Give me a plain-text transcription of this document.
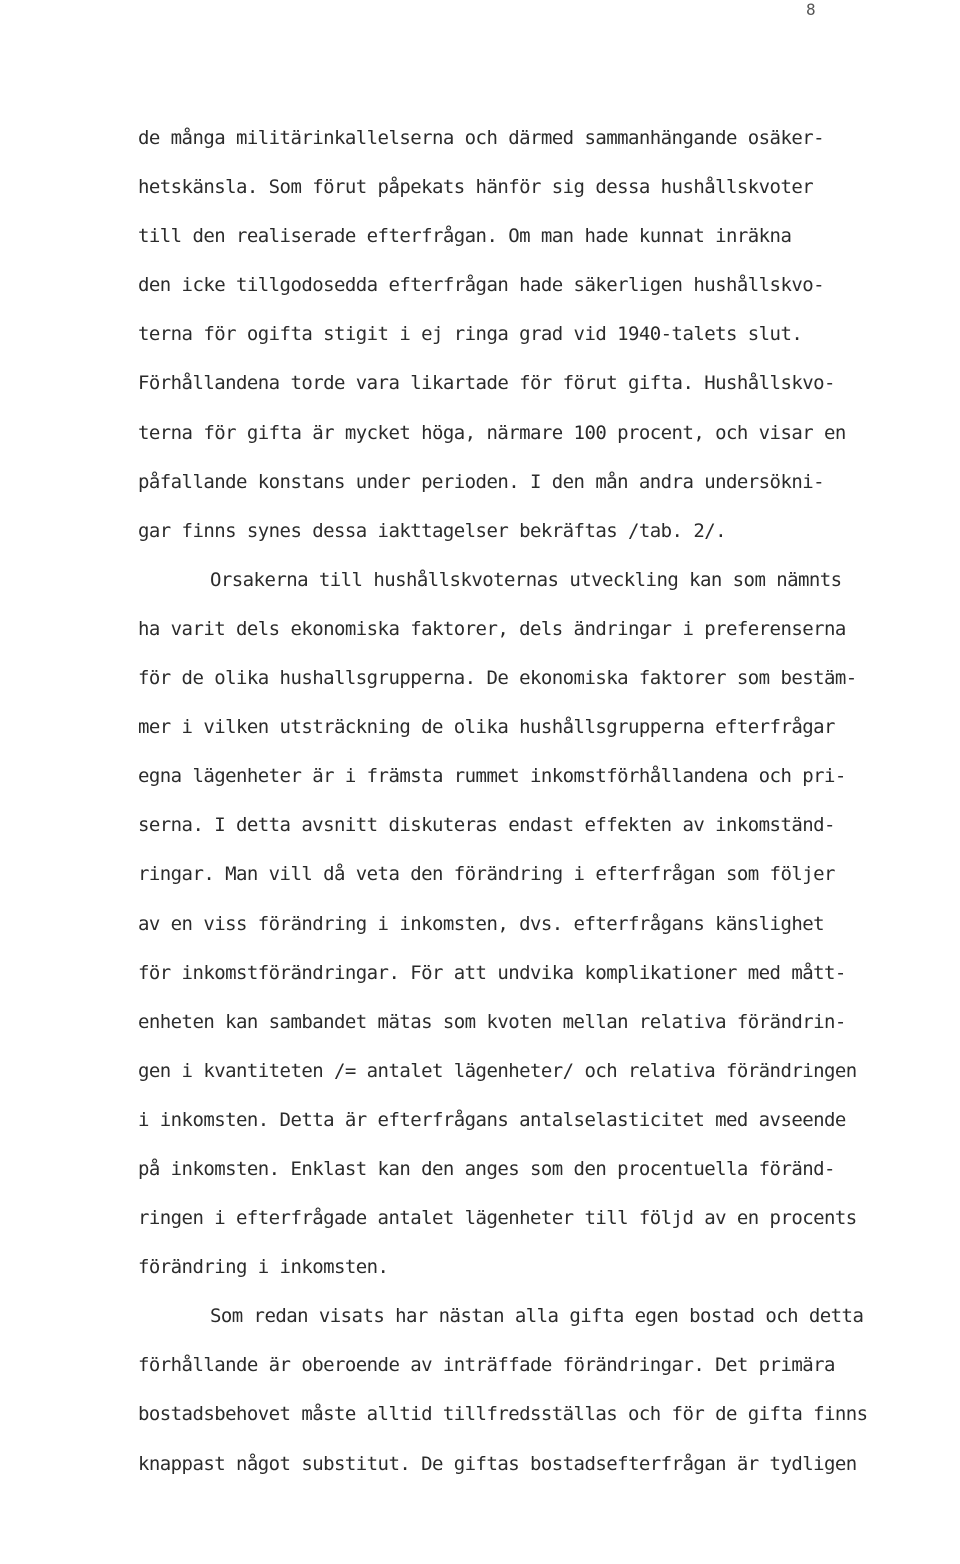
8
de många militärinkallelserna och därmed sammanhängande osäker-
hetskänsla. Som förut påpekats hänför sig dessa hushållskvoter
till den realiserade efterfrågan. Om man hade kunnat inräkna
den icke tillgodosedda efterfrågan hade säkerligen hushållskvo-
terna för ogifta stigit i ej ringa grad vid 1940-talets slut.
Förhållandena torde vara likartade för förut gifta. Hushållskvo-
terna för gifta är mycket höga, närmare 100 procent, och visar en
påfallande konstans under perioden. I den mån andra undersökni-
gar finns synes dessa iakttagelser bekräftas /tab. 2/.
Orsakerna till hushållskvoternas utveckling kan som nämnts
ha varit dels ekonomiska faktorer, dels ändringar i preferenserna
för de olika hushallsgrupperna. De ekonomiska faktorer som bestäm-
mer i vilken utsträckning de olika hushållsgrupperna efterfrågar
egna lägenheter är i främsta rummet inkomstförhållandena och pri-
serna. I detta avsnitt diskuteras endast effekten av inkomständ-
ringar. Man vill då veta den förändring i efterfrågan som följer
av en viss förändring i inkomsten, dvs. efterfrågans känslighet
för inkomstförändringar. För att undvika komplikationer med mått-
enheten kan sambandet mätas som kvoten mellan relativa förändrin-
gen i kvantiteten /= antalet lägenheter/ och relativa förändringen
i inkomsten. Detta är efterfrågans antalselasticitet med avseende
på inkomsten. Enklast kan den anges som den procentuella föränd-
ringen i efterfrågade antalet lägenheter till följd av en procents
förändring i inkomsten.
Som redan visats har nästan alla gifta egen bostad och detta
förhållande är oberoende av inträffade förändringar. Det primära
bostadsbehovet måste alltid tillfredsställas och för de gifta finns
knappast något substitut. De giftas bostadsefterfrågan är tydligen
